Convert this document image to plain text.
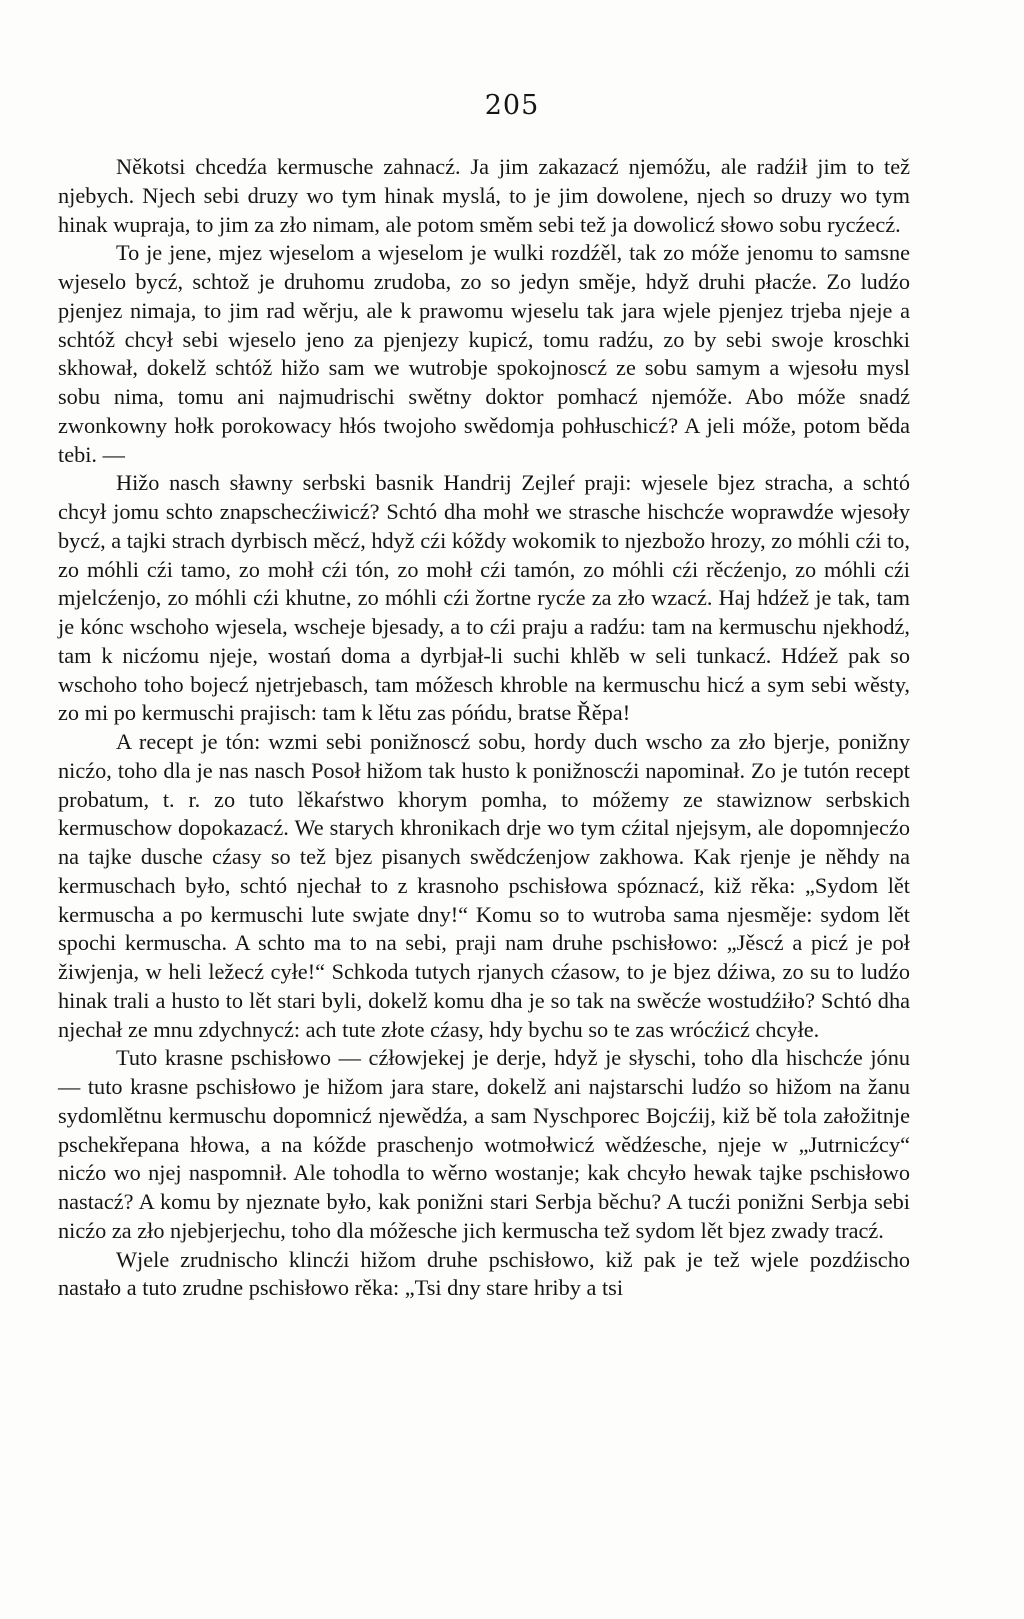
205

Někotsi chcedźa kermusche zahnacź. Ja jim zakazacź njemóžu, ale radźił jim to tež njebych. Njech sebi druzy wo tym hinak myslá, to je jim dowolene, njech so druzy wo tym hinak wupraja, to jim za zło nimam, ale potom směm sebi tež ja dowolicź słowo sobu rycźecź.

To je jene, mjez wjeselom a wjeselom je wulki rozdźěl, tak zo móže jenomu to samsne wjeselo bycź, schtož je druhomu zrudoba, zo so jedyn směje, hdyž druhi płacźe. Zo ludźo pjenjez nimaja, to jim rad wěrju, ale k prawomu wjeselu tak jara wjele pjenjez trjeba njeje a schtóž chcył sebi wjeselo jeno za pjenjezy kupicź, tomu radźu, zo by sebi swoje kroschki skhował, dokelž schtóž hižo sam we wutrobje spokojnoscź ze sobu samym a wjesołu mysl sobu nima, tomu ani najmudrischi swětny doktor pomhacź njemóže. Abo móže snadź zwonkowny hołk porokowacy hłós twojoho swědomja pohłuschicź? A jeli móže, potom běda tebi. —

Hižo nasch sławny serbski basnik Handrij Zejleŕ praji: wjesele bjez stracha, a schtó chcył jomu schto znapschecźiwicź? Schtó dha mohł we strasche hischcźe woprawdźe wjesoły bycź, a tajki strach dyrbisch měcź, hdyž cźi kóždy wokomik to njezbožo hrozy, zo móhli cźi to, zo móhli cźi tamo, zo mohł cźi tón, zo mohł cźi tamón, zo móhli cźi rěcźenjo, zo móhli cźi mjelcźenjo, zo móhli cźi khutne, zo móhli cźi žortne rycźe za zło wzacź. Haj hdźež je tak, tam je kónc wschoho wjesela, wscheje bjesady, a to cźi praju a radźu: tam na kermuschu njekhodź, tam k nicźomu njeje, wostań doma a dyrbjał-li suchi khlěb w seli tunkacź. Hdźež pak so wschoho toho bojecź njetrjebasch, tam móžesch khroble na kermuschu hicź a sym sebi wěsty, zo mi po kermuschi prajisch: tam k lětu zas póńdu, bratse Řěpa!

A recept je tón: wzmi sebi ponižnoscź sobu, hordy duch wscho za zło bjerje, ponižny nicźo, toho dla je nas nasch Posoł hižom tak husto k ponižnoscźi napominał. Zo je tutón recept probatum, t. r. zo tuto lěkaŕstwo khorym pomha, to móžemy ze stawiznow serbskich kermuschow dopokazacź. We starych khronikach drje wo tym cźital njejsym, ale dopomnjecźo na tajke dusche cźasy so tež bjez pisanych swědcźenjow zakhowa. Kak rjenje je něhdy na kermuschach było, schtó njechał to z krasnoho pschisłowa spóznacź, kiž rěka: „Sydom lět kermuscha a po kermuschi lute swjate dny!“ Komu so to wutroba sama njesměje: sydom lět spochi kermuscha. A schto ma to na sebi, praji nam druhe pschisłowo: „Jěscź a picź je poł žiwjenja, w heli ležecź cyłe!“ Schkoda tutych rjanych cźasow, to je bjez dźiwa, zo su to ludźo hinak trali a husto to lět stari byli, dokelž komu dha je so tak na swěcźe wostudźiło? Schtó dha njechał ze mnu zdychnycź: ach tute złote cźasy, hdy bychu so te zas wrócźicź chcyłe.

Tuto krasne pschisłowo — cźłowjekej je derje, hdyž je słyschi, toho dla hischcźe jónu — tuto krasne pschisłowo je hižom jara stare, dokelž ani najstarschi ludźo so hižom na žanu sydomlětnu kermuschu dopomnicź njewědźa, a sam Nyschporec Bojcźij, kiž bě tola załožitnje pschekřepana hłowa, a na kóžde praschenjo wotmołwicź wědźesche, njeje w „Jutrnicźcy“ nicźo wo njej naspomnił. Ale tohodla to wěrno wostanje; kak chcyło hewak tajke pschisłowo nastacź? A komu by njeznate było, kak ponižni stari Serbja běchu? A tucźi ponižni Serbja sebi nicźo za zło njebjerjechu, toho dla móžesche jich kermuscha tež sydom lět bjez zwady tracź.

Wjele zrudnischo klincźi hižom druhe pschisłowo, kiž pak je tež wjele pozdźischo nastało a tuto zrudne pschisłowo rěka: „Tsi dny stare hriby a tsi
